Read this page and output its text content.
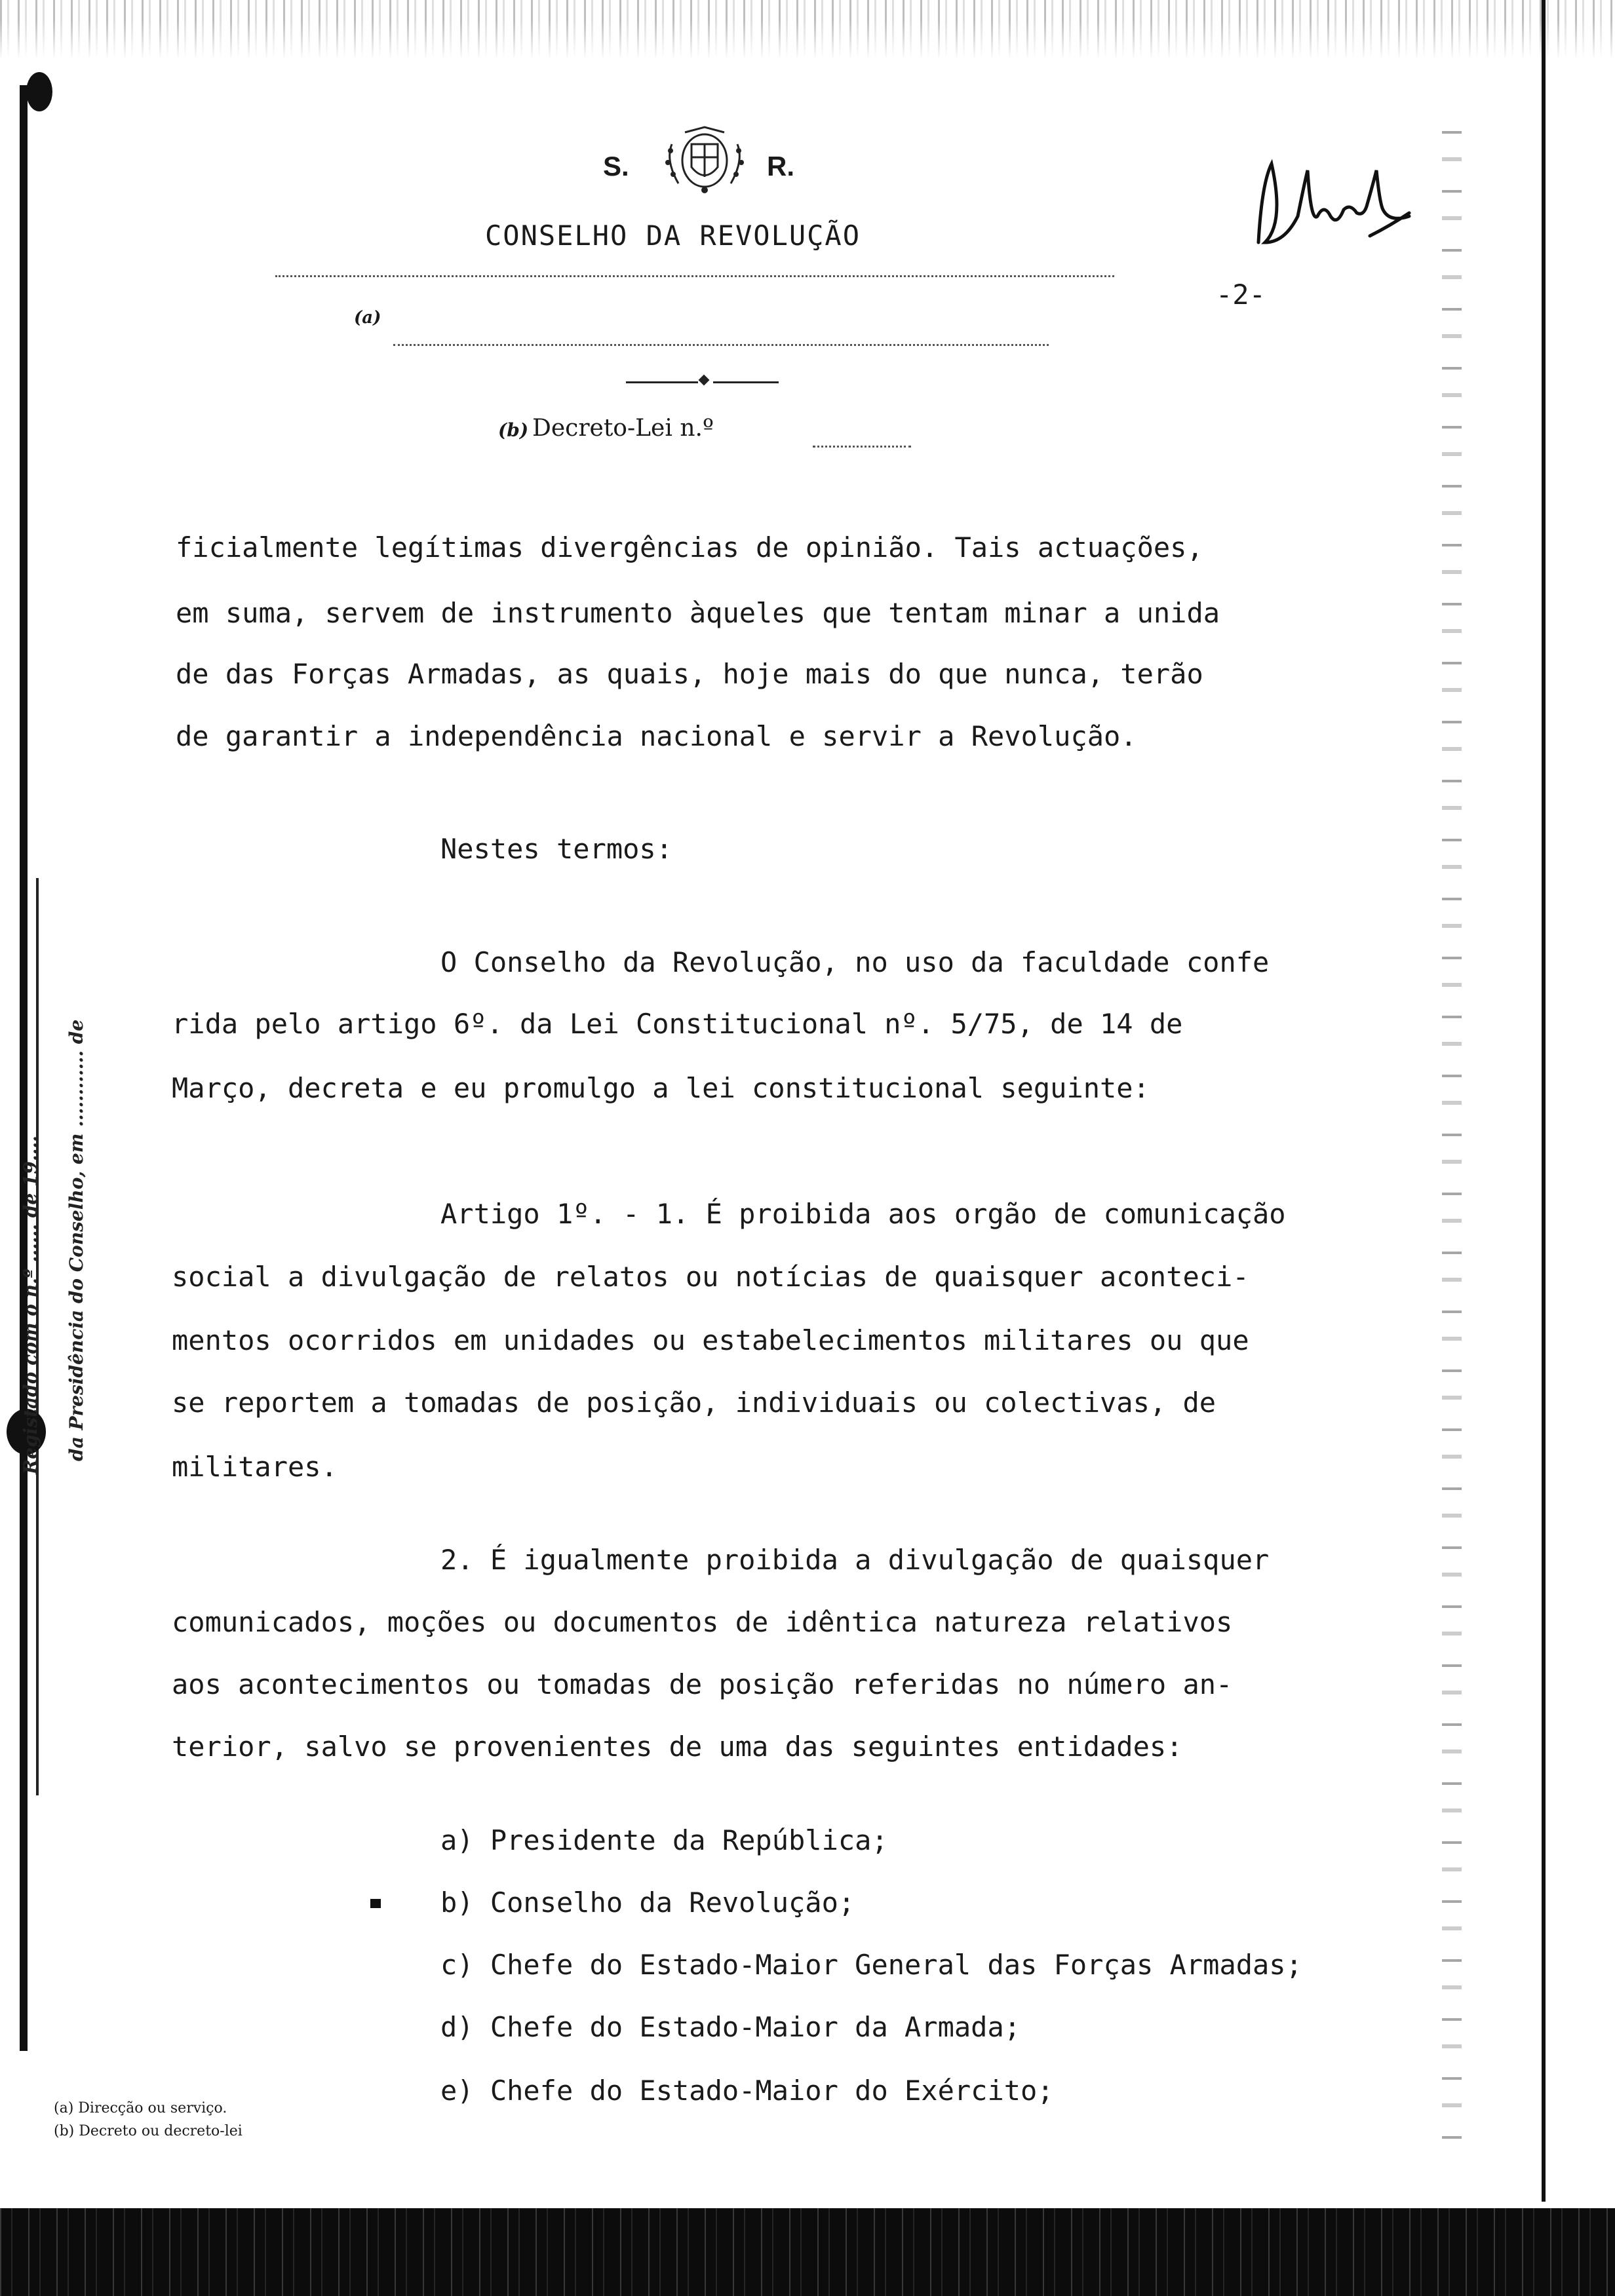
Registado com o n.º ...... de 19.... da Presidência do Conselho, em ............ de
S.	R.
CONSELHO DA REVOLUÇÃO
(a)
-2-
(b) Decreto-Lei n.º
ficialmente legítimas divergências de opinião. Tais actuações,
em suma, servem de instrumento àqueles que tentam minar a unida
de das Forças Armadas, as quais, hoje mais do que nunca, terão
de garantir a independência nacional e servir a Revolução.
Nestes termos:
O Conselho da Revolução, no uso da faculdade confe
rida pelo artigo 6º. da Lei Constitucional nº. 5/75, de 14 de
Março, decreta e eu promulgo a lei constitucional seguinte:
Artigo 1º. - 1. É proibida aos orgão de comunicação
social a divulgação de relatos ou notícias de quaisquer aconteci-
mentos ocorridos em unidades ou estabelecimentos militares ou que
se reportem a tomadas de posição, individuais ou colectivas, de
militares.
2. É igualmente proibida a divulgação de quaisquer
comunicados, moções ou documentos de idêntica natureza relativos
aos acontecimentos ou tomadas de posição referidas no número an-
terior, salvo se provenientes de uma das seguintes entidades:
a) Presidente da República;
b) Conselho da Revolução;
c) Chefe do Estado-Maior General das Forças Armadas;
d) Chefe do Estado-Maior da Armada;
e) Chefe do Estado-Maior do Exército;
(a) Direcção ou serviço.
(b) Decreto ou decreto-lei
